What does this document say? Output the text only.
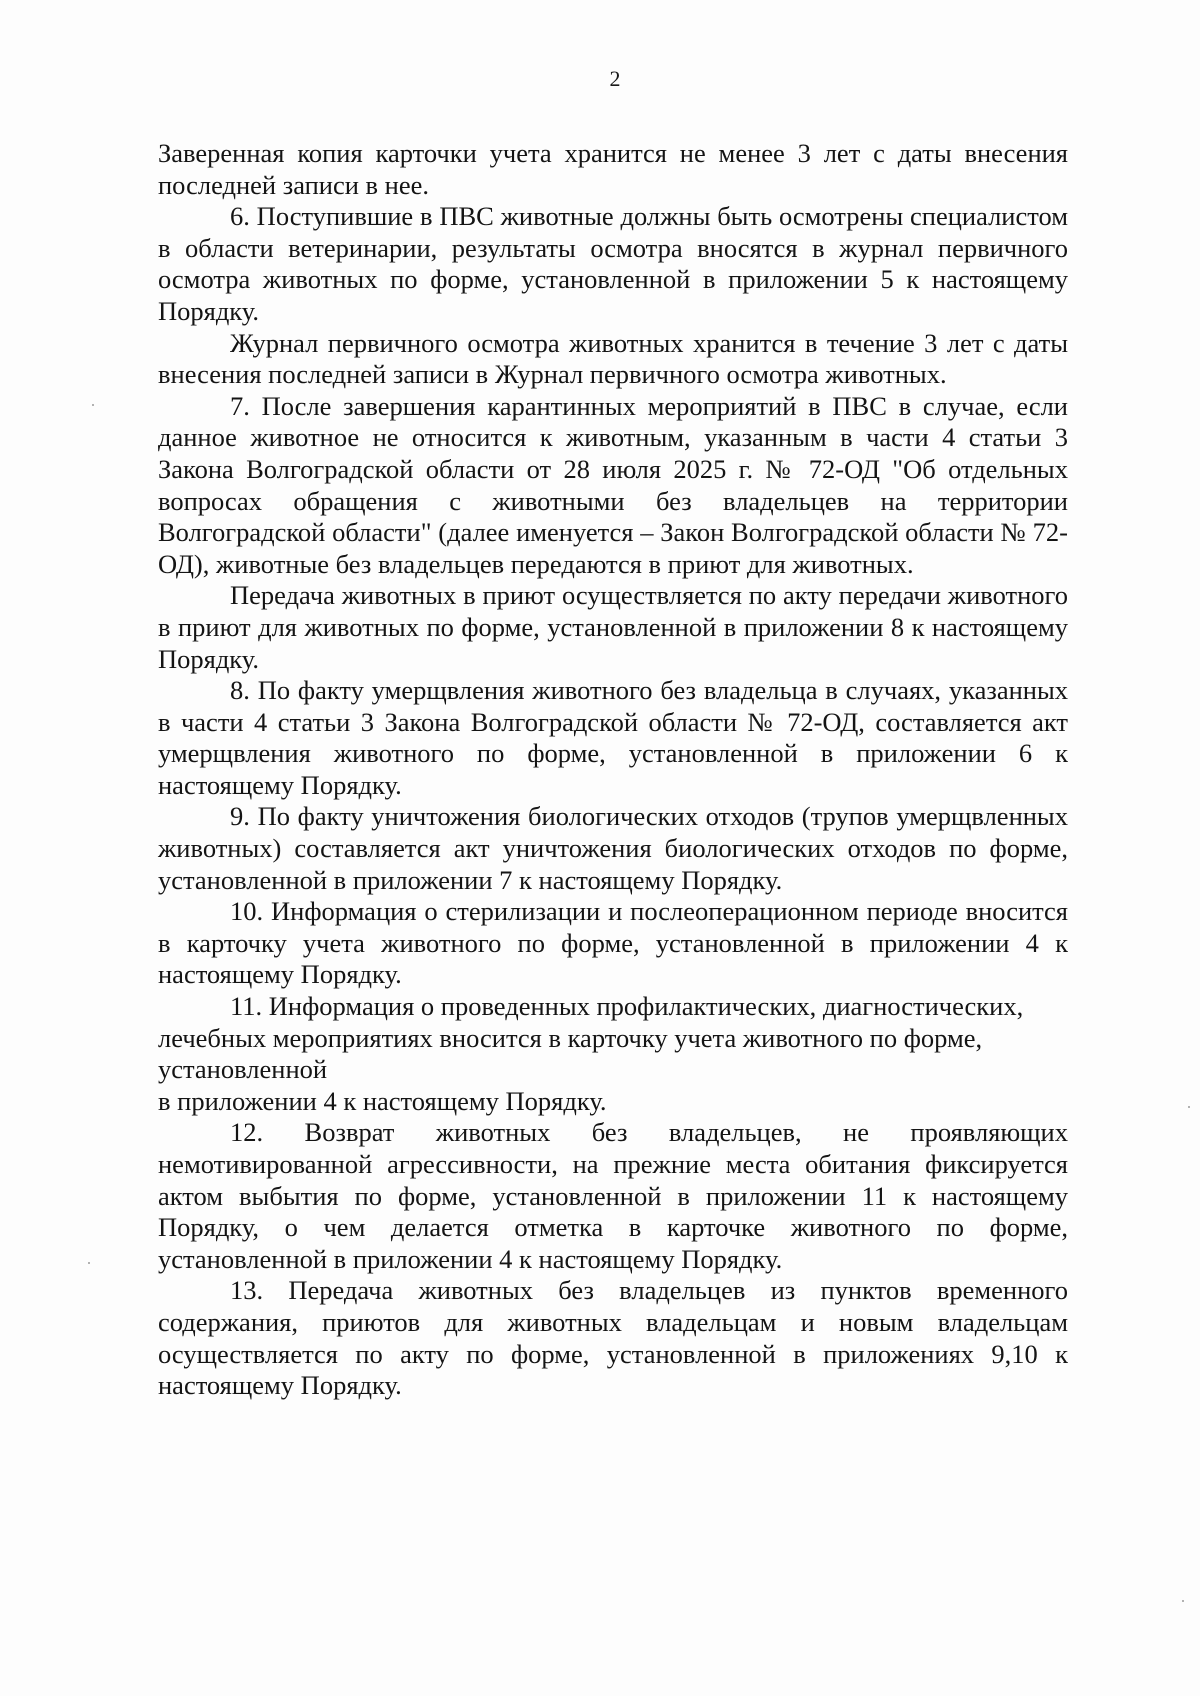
2

Заверенная копия карточки учета хранится не менее 3 лет с даты внесения последней записи в нее.

6. Поступившие в ПВС животные должны быть осмотрены специалистом в области ветеринарии, результаты осмотра вносятся в журнал первичного осмотра животных по форме, установленной в приложении 5 к настоящему Порядку.

Журнал первичного осмотра животных хранится в течение 3 лет с даты внесения последней записи в Журнал первичного осмотра животных.

7. После завершения карантинных мероприятий в ПВС в случае, если данное животное не относится к животным, указанным в части 4 статьи 3 Закона Волгоградской области от 28 июля 2025 г. № 72-ОД "Об отдельных вопросах обращения с животными без владельцев на территории Волгоградской области" (далее именуется – Закон Волгоградской области № 72-ОД), животные без владельцев передаются в приют для животных.

Передача животных в приют осуществляется по акту передачи животного в приют для животных по форме, установленной в приложении 8 к настоящему Порядку.

8. По факту умерщвления животного без владельца в случаях, указанных в части 4 статьи 3 Закона Волгоградской области № 72-ОД, составляется акт умерщвления животного по форме, установленной в приложении 6 к настоящему Порядку.

9. По факту уничтожения биологических отходов (трупов умерщвленных животных) составляется акт уничтожения биологических отходов по форме, установленной в приложении 7 к настоящему Порядку.

10. Информация о стерилизации и послеоперационном периоде вносится в карточку учета животного по форме, установленной в приложении 4 к настоящему Порядку.

11. Информация о проведенных профилактических, диагностических, лечебных мероприятиях вносится в карточку учета животного по форме, установленной

в приложении 4 к настоящему Порядку.

12. Возврат животных без владельцев, не проявляющих немотивированной агрессивности, на прежние места обитания фиксируется актом выбытия по форме, установленной в приложении 11 к настоящему Порядку, о чем делается отметка в карточке животного по форме, установленной в приложении 4 к настоящему Порядку.

13. Передача животных без владельцев из пунктов временного содержания, приютов для животных владельцам и новым владельцам осуществляется по акту по форме, установленной в приложениях 9,10 к настоящему Порядку.
